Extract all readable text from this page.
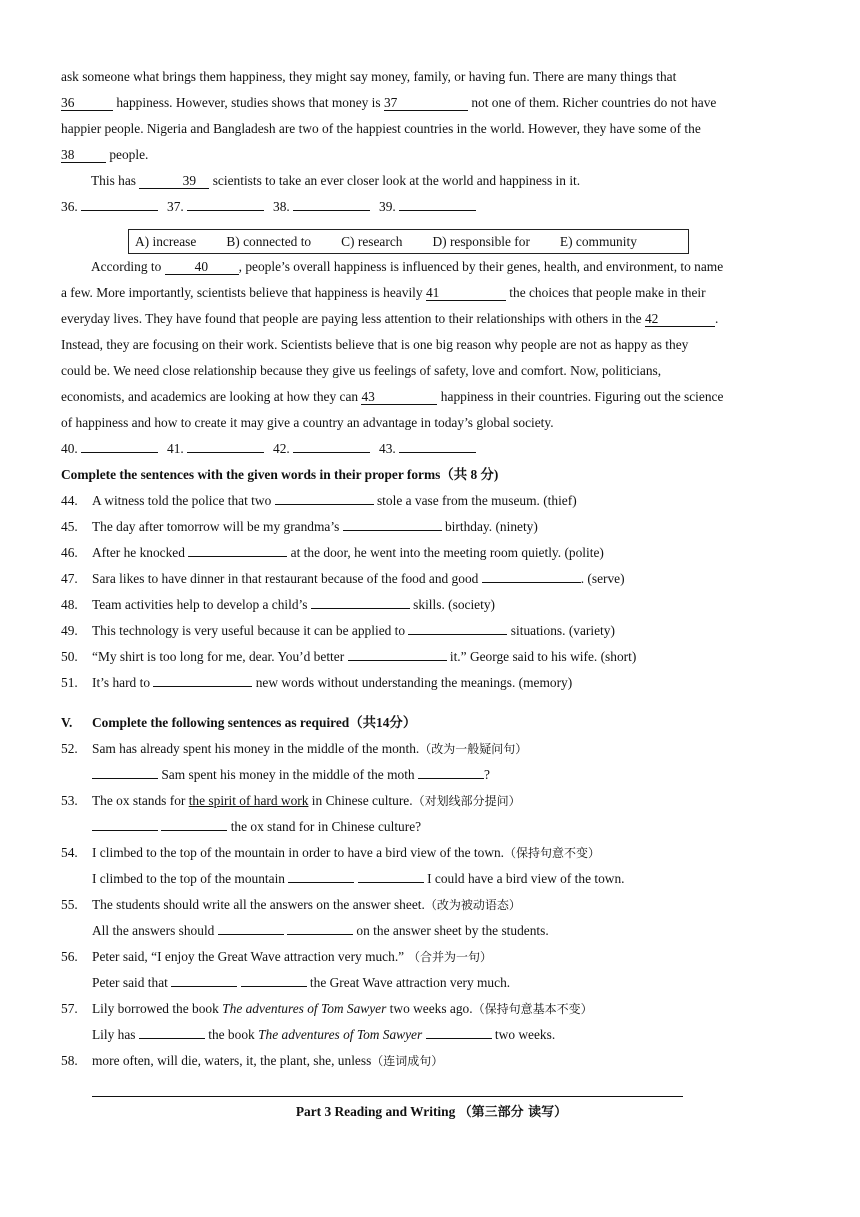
ask someone what brings them happiness, they might say money, family, or having fun. There are many things that

36	happiness. However, studies shows that money is 37	not one of them. Richer countries do not have

happier people. Nigeria and Bangladesh are two of the happiest countries in the world. However, they have some of the

38 people.

This has	39 scientists to take an ever closer look at the world and happiness in it.

36.	37.	38.	39.

A) increase B) connected to C) research D) responsible for E) community

According to 40 , people’s overall happiness is influenced by their genes, health, and environment, to name

a few. More importantly, scientists believe that happiness is heavily 41	the choices that people make in their

everyday lives. They have found that people are paying less attention to their relationships with others in the 42	.

Instead, they are focusing on their work. Scientists believe that is one big reason why people are not as happy as they

could be. We need close relationship because they give us feelings of safety, love and comfort. Now, politicians,

economists, and academics are looking at how they can 43	happiness in their countries. Figuring out the science

of happiness and how to create it may give a country an advantage in today’s global society.

40.	41.	42.	43.

Complete the sentences with the given words in their proper forms（共 8 分)

44.	A witness told the police that two	stole a vase from the museum. (thief)
45.	The day after tomorrow will be my grandma’s	birthday. (ninety)
46.	After he knocked	at the door, he went into the meeting room quietly. (polite)
47.	Sara likes to have dinner in that restaurant because of the food and good	. (serve)
48.	Team activities help to develop a child’s	skills. (society)
49.	This technology is very useful because it can be applied to	situations. (variety)
50.	“My shirt is too long for me, dear. You’d better	it.” George said to his wife. (short)
51.	It’s hard to	new words without understanding the meanings. (memory)
V.	Complete the following sentences as required（共14分）
52.	Sam has already spent his money in the middle of the month.（改为一般疑问句）
Sam spent his money in the middle of the moth	?
53.	The ox stands for the spirit of hard work in Chinese culture.（对划线部分提问）
the ox stand for in Chinese culture?
54.	I climbed to the top of the mountain in order to have a bird view of the town.（保持句意不变）
I climbed to the top of the mountain	I could have a bird view of the town.
55.	The students should write all the answers on the answer sheet.（改为被动语态）
All the answers should	on the answer sheet by the students.
56.	Peter said, “I enjoy the Great Wave attraction very much.” （合并为一句）
Peter said that	the Great Wave attraction very much.
57.	Lily borrowed the book The adventures of Tom Sawyer two weeks ago.（保持句意基本不变）
Lily has	the book The adventures of Tom Sawyer	two weeks.
58.	more often, will die, waters, it, the plant, she, unless（连词成句）

Part 3 Reading and Writing （第三部分 读写）
